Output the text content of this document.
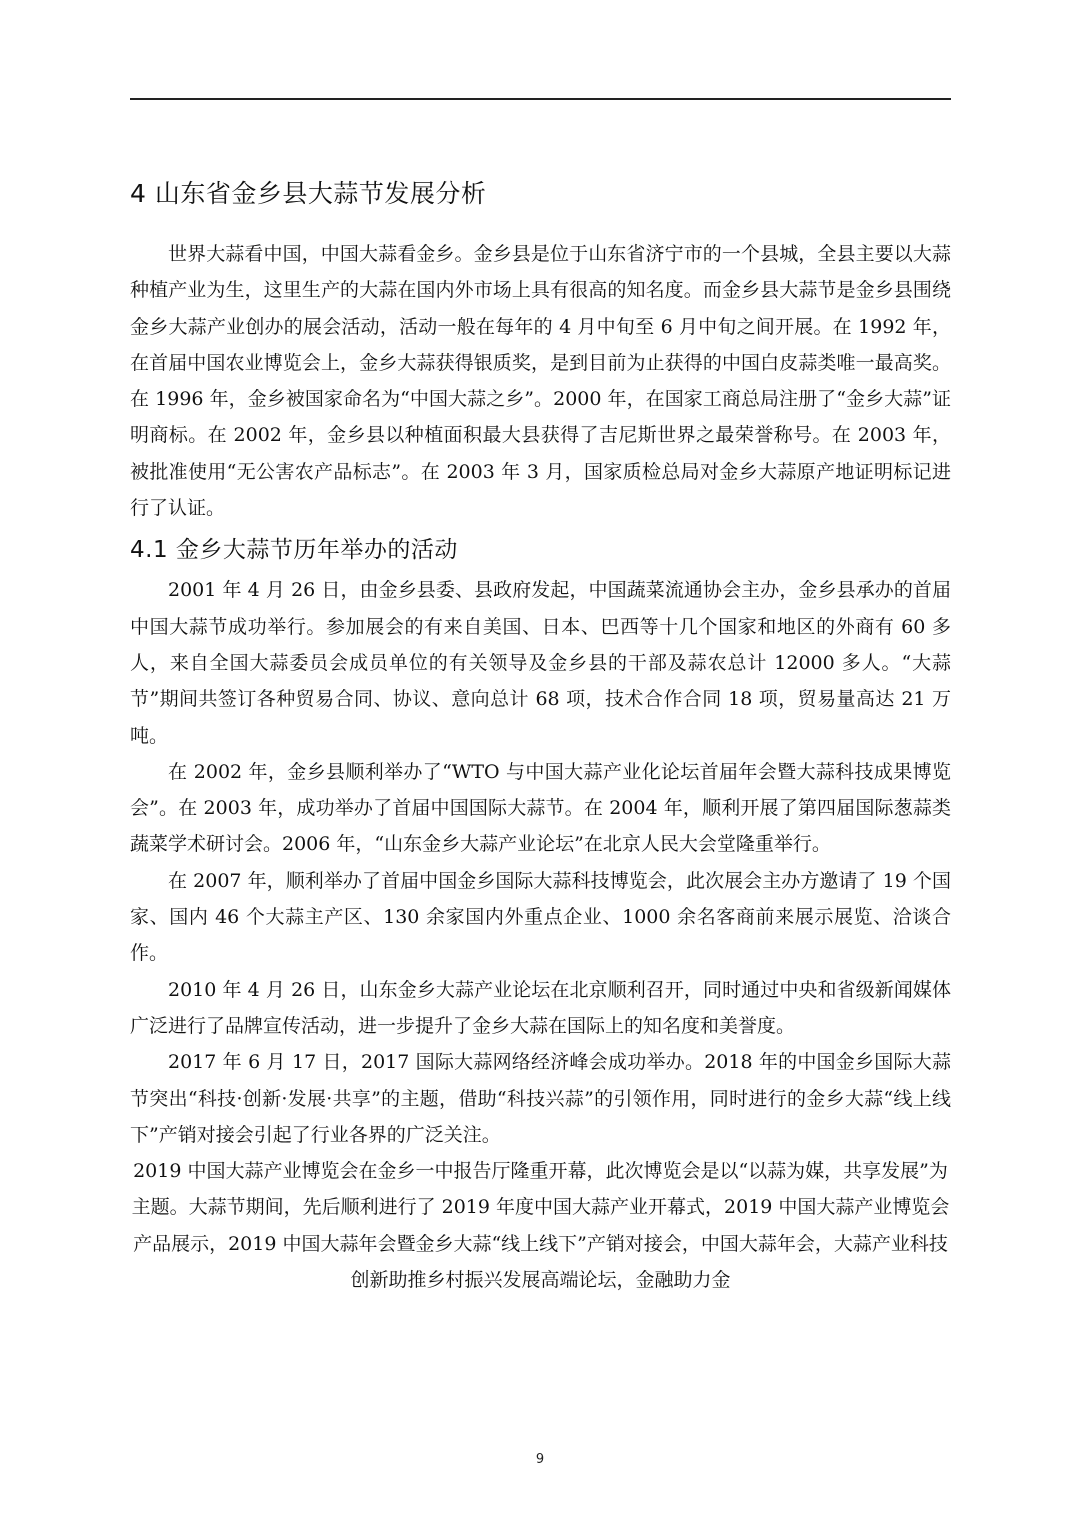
4 山东省金乡县大蒜节发展分析

世界大蒜看中国，中国大蒜看金乡。金乡县是位于山东省济宁市的一个县城，全县主要以大蒜种植产业为生，这里生产的大蒜在国内外市场上具有很高的知名度。而金乡县大蒜节是金乡县围绕金乡大蒜产业创办的展会活动，活动一般在每年的 4 月中旬至 6 月中旬之间开展。在 1992 年，在首届中国农业博览会上，金乡大蒜获得银质奖，是到目前为止获得的中国白皮蒜类唯一最高奖。在 1996 年，金乡被国家命名为“中国大蒜之乡”。2000 年，在国家工商总局注册了“金乡大蒜”证明商标。在 2002 年，金乡县以种植面积最大县获得了吉尼斯世界之最荣誉称号。在 2003 年，被批准使用“无公害农产品标志”。在 2003 年 3 月，国家质检总局对金乡大蒜原产地证明标记进行了认证。

4.1 金乡大蒜节历年举办的活动

2001 年 4 月 26 日，由金乡县委、县政府发起，中国蔬菜流通协会主办，金乡县承办的首届中国大蒜节成功举行。参加展会的有来自美国、日本、巴西等十几个国家和地区的外商有 60 多人，来自全国大蒜委员会成员单位的有关领导及金乡县的干部及蒜农总计 12000 多人。“大蒜节”期间共签订各种贸易合同、协议、意向总计 68 项，技术合作合同 18 项，贸易量高达 21 万吨。

在 2002 年，金乡县顺利举办了“WTO 与中国大蒜产业化论坛首届年会暨大蒜科技成果博览会”。在 2003 年，成功举办了首届中国国际大蒜节。在 2004 年，顺利开展了第四届国际葱蒜类蔬菜学术研讨会。2006 年，“山东金乡大蒜产业论坛”在北京人民大会堂隆重举行。

在 2007 年，顺利举办了首届中国金乡国际大蒜科技博览会，此次展会主办方邀请了 19 个国家、国内 46 个大蒜主产区、130 余家国内外重点企业、1000 余名客商前来展示展览、洽谈合作。

2010 年 4 月 26 日，山东金乡大蒜产业论坛在北京顺利召开，同时通过中央和省级新闻媒体广泛进行了品牌宣传活动，进一步提升了金乡大蒜在国际上的知名度和美誉度。

2017 年 6 月 17 日，2017 国际大蒜网络经济峰会成功举办。2018 年的中国金乡国际大蒜节突出“科技·创新·发展·共享”的主题，借助“科技兴蒜”的引领作用，同时进行的金乡大蒜“线上线下”产销对接会引起了行业各界的广泛关注。

2019 中国大蒜产业博览会在金乡一中报告厅隆重开幕，此次博览会是以“以蒜为媒，共享发展”为主题。大蒜节期间，先后顺利进行了 2019 年度中国大蒜产业开幕式，2019 中国大蒜产业博览会产品展示，2019 中国大蒜年会暨金乡大蒜“线上线下”产销对接会，中国大蒜年会，大蒜产业科技创新助推乡村振兴发展高端论坛，金融助力金

9
